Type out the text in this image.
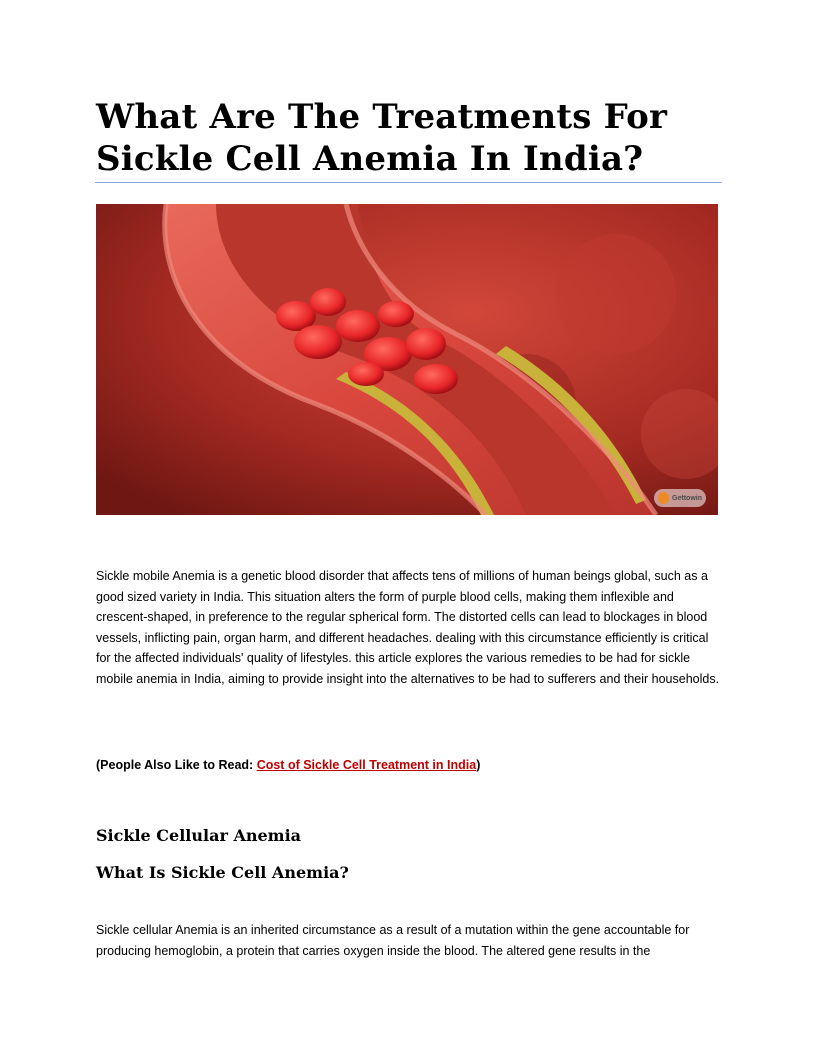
What Are The Treatments For Sickle Cell Anemia In India?
Gettowin

Sickle mobile Anemia is a genetic blood disorder that affects tens of millions of human beings global, such as a good sized variety in India. This situation alters the form of purple blood cells, making them inflexible and crescent-shaped, in preference to the regular spherical form. The distorted cells can lead to blockages in blood vessels, inflicting pain, organ harm, and different headaches. dealing with this circumstance efficiently is critical for the affected individuals' quality of lifestyles. this article explores the various remedies to be had for sickle mobile anemia in India, aiming to provide insight into the alternatives to be had to sufferers and their households.

(People Also Like to Read: Cost of Sickle Cell Treatment in India)

Sickle Cellular Anemia
What Is Sickle Cell Anemia?

Sickle cellular Anemia is an inherited circumstance as a result of a mutation within the gene accountable for producing hemoglobin, a protein that carries oxygen inside the blood. The altered gene results in the
